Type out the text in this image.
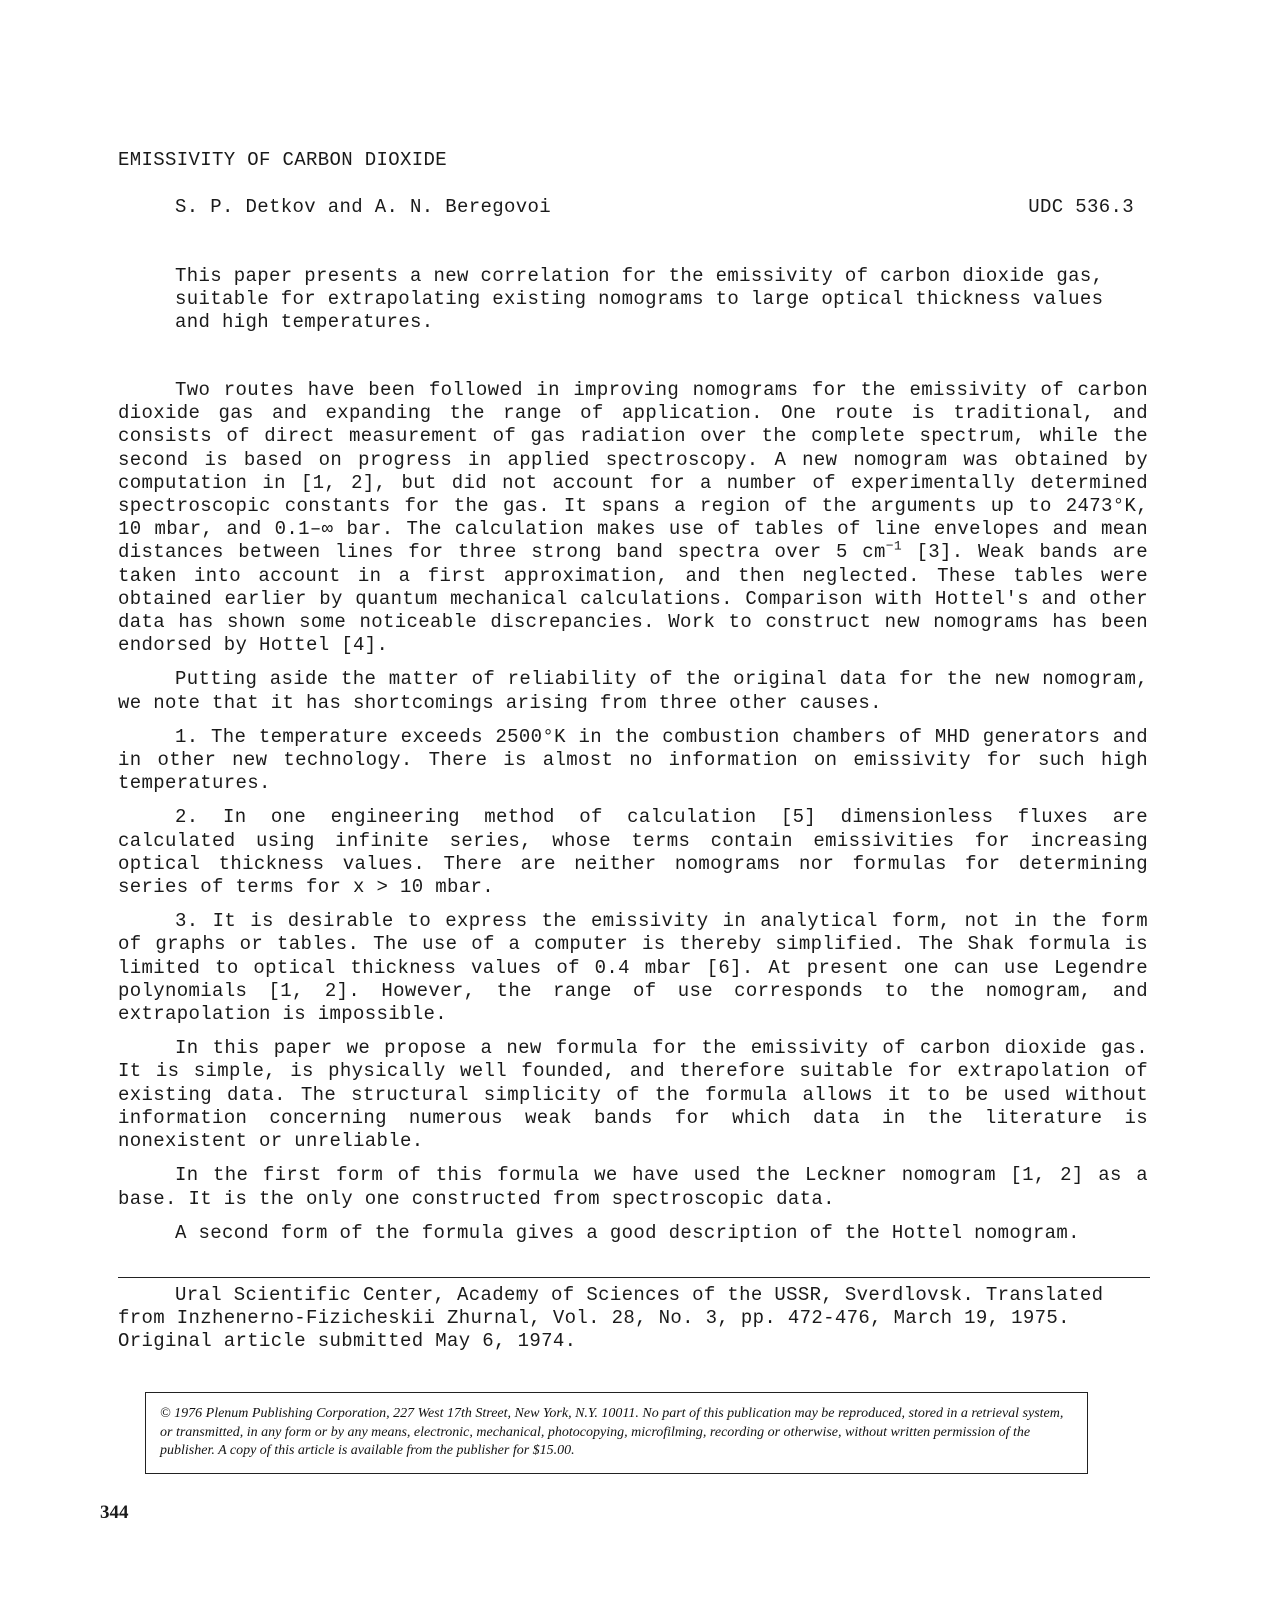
EMISSIVITY OF CARBON DIOXIDE

S. P. Detkov and A. N. Beregovoi	UDC 536.3

This paper presents a new correlation for the emissivity of carbon dioxide gas, suitable for extrapolating existing nomograms to large optical thickness values and high temperatures.

Two routes have been followed in improving nomograms for the emissivity of carbon dioxide gas and expanding the range of application. One route is traditional, and consists of direct measurement of gas radiation over the complete spectrum, while the second is based on progress in applied spectroscopy. A new nomogram was obtained by computation in [1, 2], but did not account for a number of experimentally determined spectroscopic constants for the gas. It spans a region of the arguments up to 2473°K, 10 mbar, and 0.1–∞ bar. The calculation makes use of tables of line envelopes and mean distances between lines for three strong band spectra over 5 $cm^{-1}$ [3]. Weak bands are taken into account in a first approximation, and then neglected. These tables were obtained earlier by quantum mechanical calculations. Comparison with Hottel's and other data has shown some noticeable discrepancies. Work to construct new nomograms has been endorsed by Hottel [4].

Putting aside the matter of reliability of the original data for the new nomogram, we note that it has shortcomings arising from three other causes.

1. The temperature exceeds 2500°K in the combustion chambers of MHD generators and in other new technology. There is almost no information on emissivity for such high temperatures.

2. In one engineering method of calculation [5] dimensionless fluxes are calculated using infinite series, whose terms contain emissivities for increasing optical thickness values. There are neither nomograms nor formulas for determining series of terms for x > 10 mbar.

3. It is desirable to express the emissivity in analytical form, not in the form of graphs or tables. The use of a computer is thereby simplified. The Shak formula is limited to optical thickness values of 0.4 mbar [6]. At present one can use Legendre polynomials [1, 2]. However, the range of use corresponds to the nomogram, and extrapolation is impossible.

In this paper we propose a new formula for the emissivity of carbon dioxide gas. It is simple, is physically well founded, and therefore suitable for extrapolation of existing data. The structural simplicity of the formula allows it to be used without information concerning numerous weak bands for which data in the literature is nonexistent or unreliable.

In the first form of this formula we have used the Leckner nomogram [1, 2] as a base. It is the only one constructed from spectroscopic data.

A second form of the formula gives a good description of the Hottel nomogram.

Ural Scientific Center, Academy of Sciences of the USSR, Sverdlovsk. Translated from Inzhenerno-Fizicheskii Zhurnal, Vol. 28, No. 3, pp. 472-476, March 19, 1975. Original article submitted May 6, 1974.

© 1976 Plenum Publishing Corporation, 227 West 17th Street, New York, N.Y. 10011. No part of this publication may be reproduced, stored in a retrieval system, or transmitted, in any form or by any means, electronic, mechanical, photocopying, microfilming, recording or otherwise, without written permission of the publisher. A copy of this article is available from the publisher for $15.00.

344
